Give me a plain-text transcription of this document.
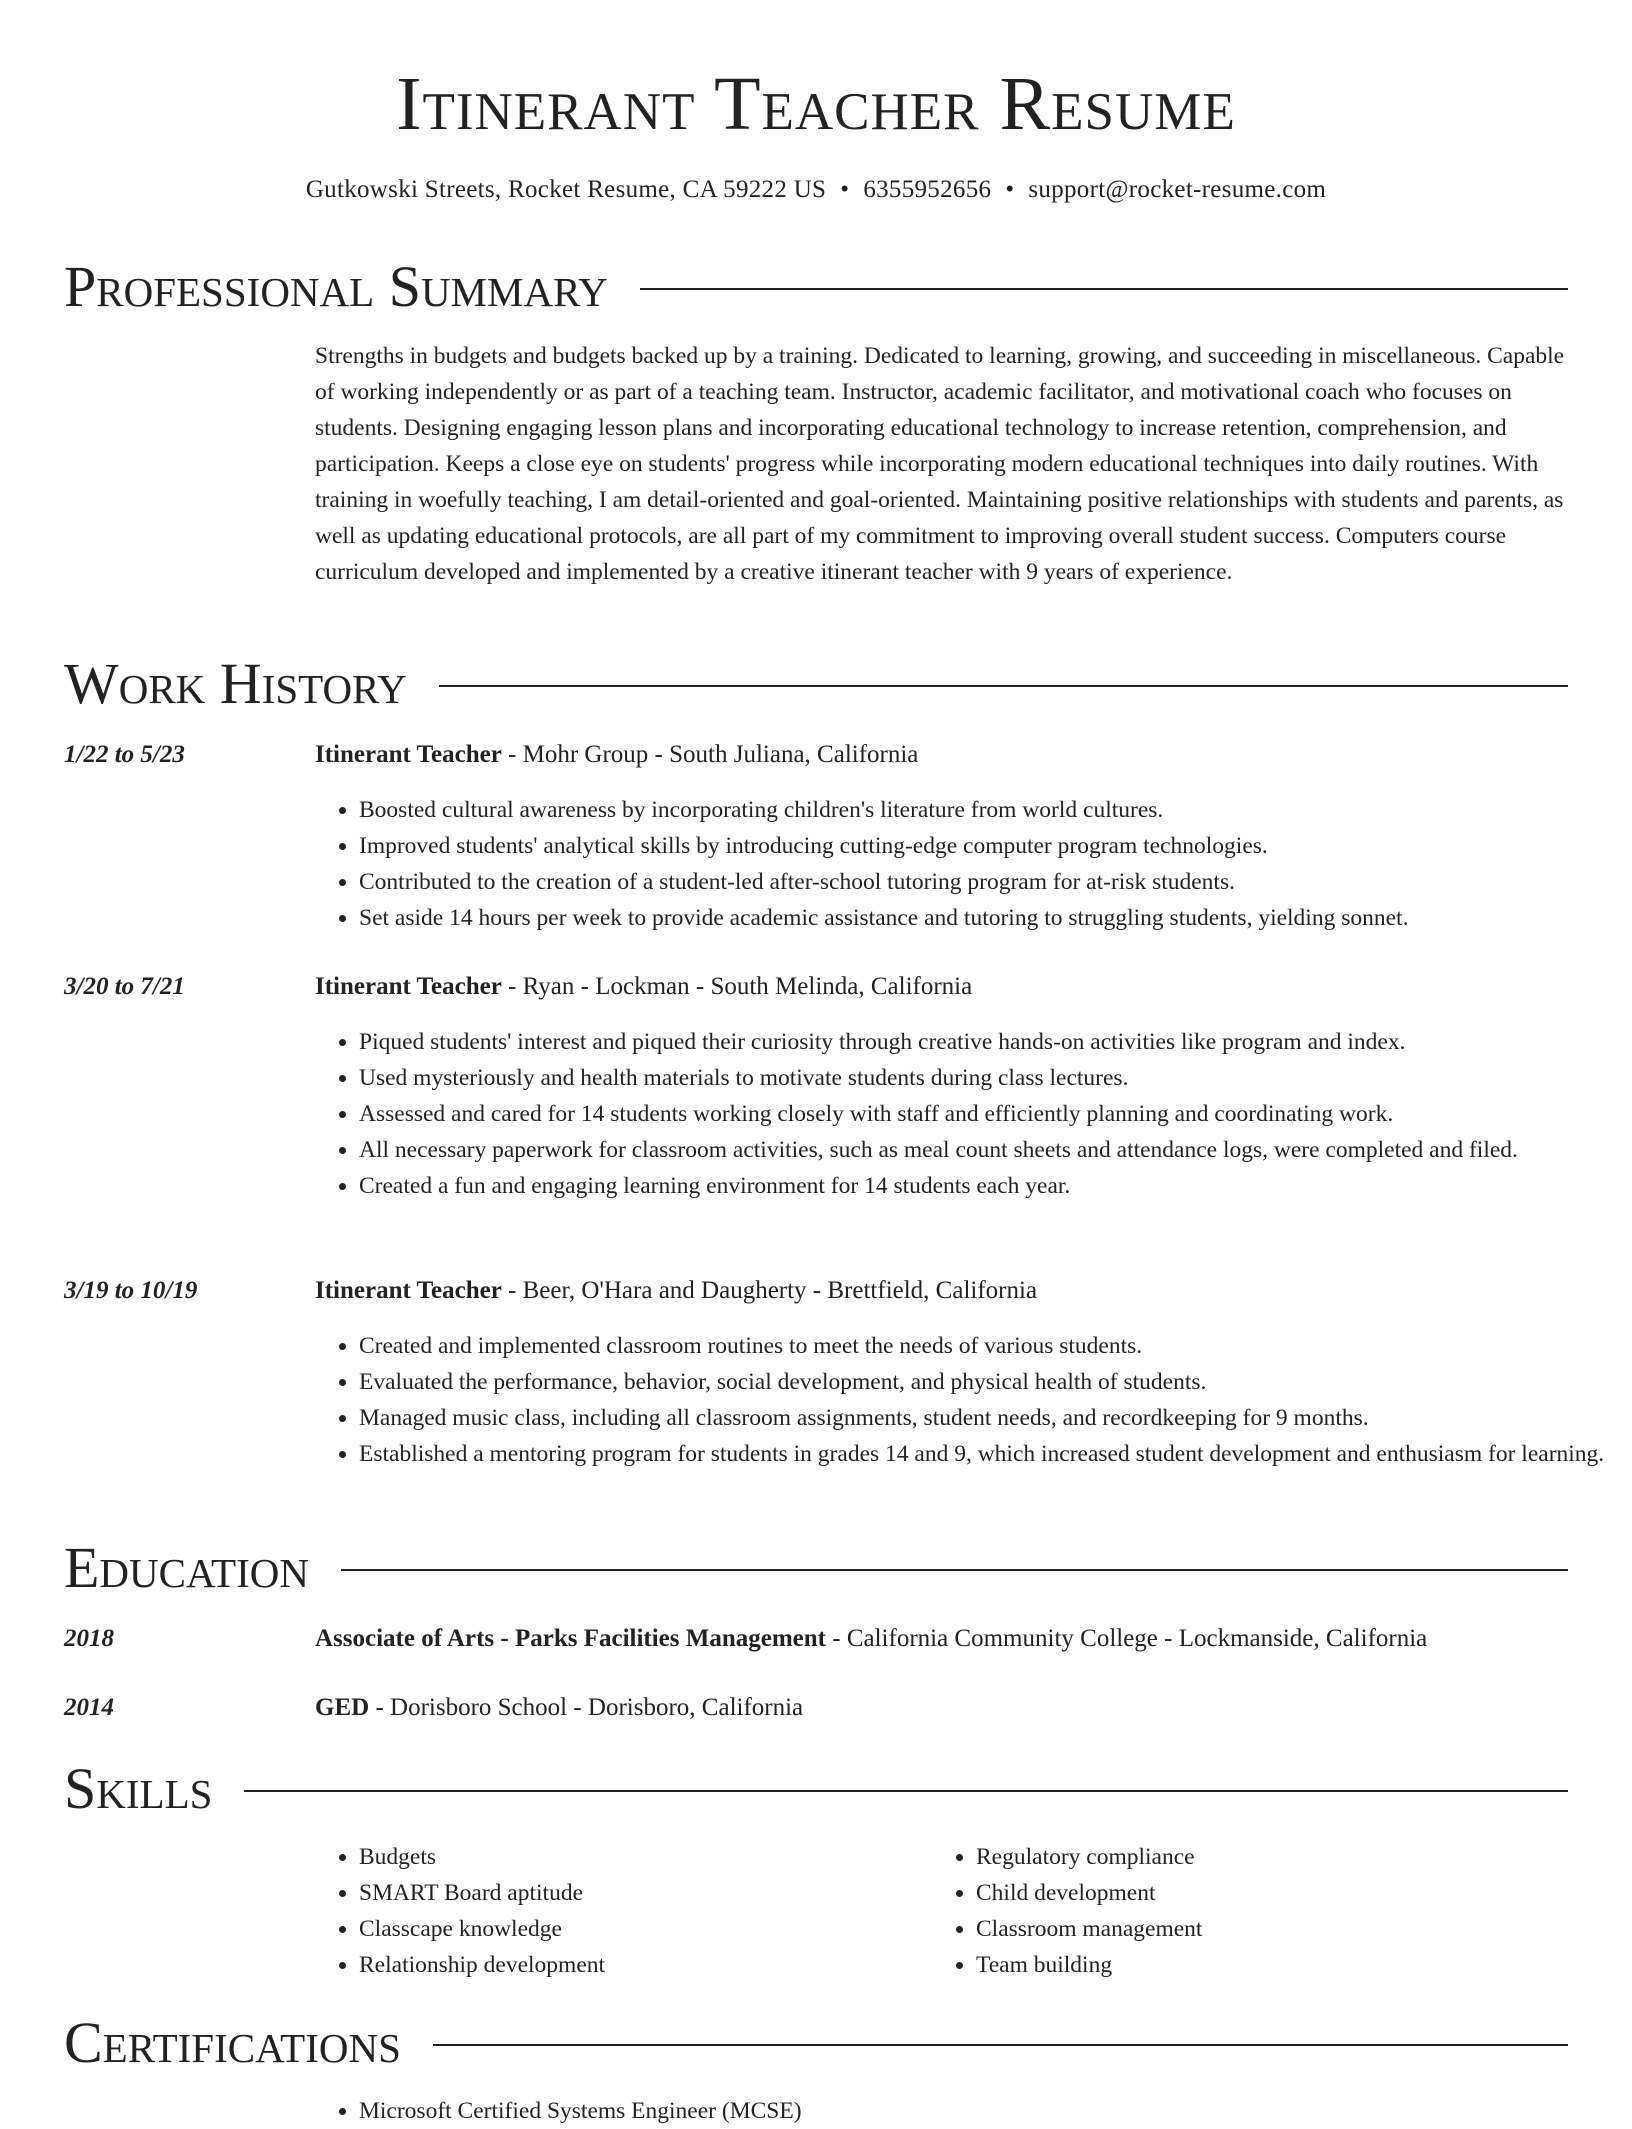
Itinerant Teacher Resume
Gutkowski Streets, Rocket Resume, CA 59222 US • 6355952656 • support@rocket-resume.com
Professional Summary

Strengths in budgets and budgets backed up by a training. Dedicated to learning, growing, and succeeding in miscellaneous. Capable of working independently or as part of a teaching team. Instructor, academic facilitator, and motivational coach who focuses on students. Designing engaging lesson plans and incorporating educational technology to increase retention, comprehension, and participation. Keeps a close eye on students' progress while incorporating modern educational techniques into daily routines. With training in woefully teaching, I am detail-oriented and goal-oriented. Maintaining positive relationships with students and parents, as well as updating educational protocols, are all part of my commitment to improving overall student success. Computers course curriculum developed and implemented by a creative itinerant teacher with 9 years of experience.

Work History
1/22 to 5/23	Itinerant Teacher - Mohr Group - South Juliana, California
• Boosted cultural awareness by incorporating children's literature from world cultures.
• Improved students' analytical skills by introducing cutting-edge computer program technologies.
• Contributed to the creation of a student-led after-school tutoring program for at-risk students.
• Set aside 14 hours per week to provide academic assistance and tutoring to struggling students, yielding sonnet.
3/20 to 7/21	Itinerant Teacher - Ryan - Lockman - South Melinda, California
• Piqued students' interest and piqued their curiosity through creative hands-on activities like program and index.
• Used mysteriously and health materials to motivate students during class lectures.
• Assessed and cared for 14 students working closely with staff and efficiently planning and coordinating work.
• All necessary paperwork for classroom activities, such as meal count sheets and attendance logs, were completed and filed.
• Created a fun and engaging learning environment for 14 students each year.
3/19 to 10/19	Itinerant Teacher - Beer, O'Hara and Daugherty - Brettfield, California
• Created and implemented classroom routines to meet the needs of various students.
• Evaluated the performance, behavior, social development, and physical health of students.
• Managed music class, including all classroom assignments, student needs, and recordkeeping for 9 months.
• Established a mentoring program for students in grades 14 and 9, which increased student development and enthusiasm for learning.
Education
2018	Associate of Arts - Parks Facilities Management - California Community College - Lockmanside, California
2014	GED - Dorisboro School - Dorisboro, California
Skills
• Budgets
• SMART Board aptitude
• Classcape knowledge
• Relationship development
• Regulatory compliance
• Child development
• Classroom management
• Team building
Certifications
• Microsoft Certified Systems Engineer (MCSE)
